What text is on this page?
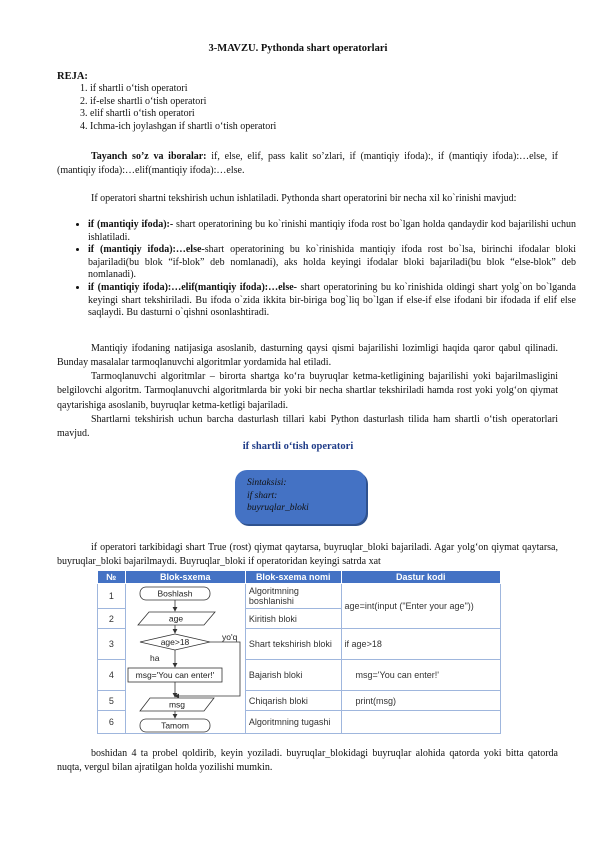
3-MAVZU. Pythonda shart operatorlari
REJA:
1. if shartli o‘tish operatori
2. if-else shartli o‘tish operatori
3. elif shartli o‘tish operatori
4. Ichma-ich joylashgan if shartli o‘tish operatori
Tayanch so’z va iboralar: if, else, elif, pass kalit so’zlari, if (mantiqiy ifoda):, if (mantiqiy ifoda):…else, if (mantiqiy ifoda):…elif(mantiqiy ifoda):…else.
If operatori shartni tekshirish uchun ishlatiladi. Pythonda shart operatorini bir necha xil ko`rinishi mavjud:
• if (mantiqiy ifoda):- shart operatorining bu ko`rinishi mantiqiy ifoda rost bo`lgan holda qandaydir kod bajarilishi uchun ishlatiladi.
• if (mantiqiy ifoda):…else-shart operatorining bu ko`rinishida mantiqiy ifoda rost bo`lsa, birinchi ifodalar bloki bajariladi(bu blok “if-blok” deb nomlanadi), aks holda keyingi ifodalar bloki bajariladi(bu blok “else-blok” deb nomlanadi).
• if (mantiqiy ifoda):…elif(mantiqiy ifoda):…else- shart operatorining bu ko`rinishida oldingi shart yolg`on bo`lganda keyingi shart tekshiriladi. Bu ifoda o`zida ikkita bir-biriga bog`liq bo`lgan if else-if else ifodani bir ifodada if elif else saqlaydi. Bu dasturni o`qishni osonlashtiradi.
Mantiqiy ifodaning natijasiga asoslanib, dasturning qaysi qismi bajarilishi lozimligi haqida qaror qabul qilinadi. Bunday masalalar tarmoqlanuvchi algoritmlar yordamida hal etiladi.
Tarmoqlanuvchi algoritmlar – birorta shartga ko‘ra buyruqlar ketma-ketligining bajarilishi yoki bajarilmasligini belgilovchi algoritm. Tarmoqlanuvchi algoritmlarda bir yoki bir necha shartlar tekshiriladi hamda rost yoki yolg‘on qiymat qaytarishiga asoslanib, buyruqlar ketma-ketligi bajariladi.
Shartlarni tekshirish uchun barcha dasturlash tillari kabi Python dasturlash tilida ham shartli o‘tish operatorlari mavjud.
if shartli o‘tish operatori
Sintaksisi:
if shart:
buyruqlar_bloki
if operatori tarkibidagi shart True (rost) qiymat qaytarsa, buyruqlar_bloki bajariladi. Agar yolg‘on qiymat qaytarsa, buyruqlar_bloki bajarilmaydi. Buyruqlar_bloki if operatoridan keyingi satrda xat
№	Blok-sxema	Blok-sxema nomi	Dastur kodi
1		Algoritmning boshlanishi	age=int(input ("Enter your age"))
2		Kiritish bloki	
3		Shart tekshirish bloki	if age>18
4		Bajarish bloki	msg='You can enter!'
5		Chiqarish bloki	print(msg)
6		Algoritmning tugashi	
Boshlash
age
age>18	yo'q
ha
msg='You can enter!'
msg
Tamom
boshidan 4 ta probel qoldirib, keyin yoziladi. buyruqlar_blokidagi buyruqlar alohida qatorda yoki bitta qatorda nuqta, vergul bilan ajratilgan holda yozilishi mumkin.
